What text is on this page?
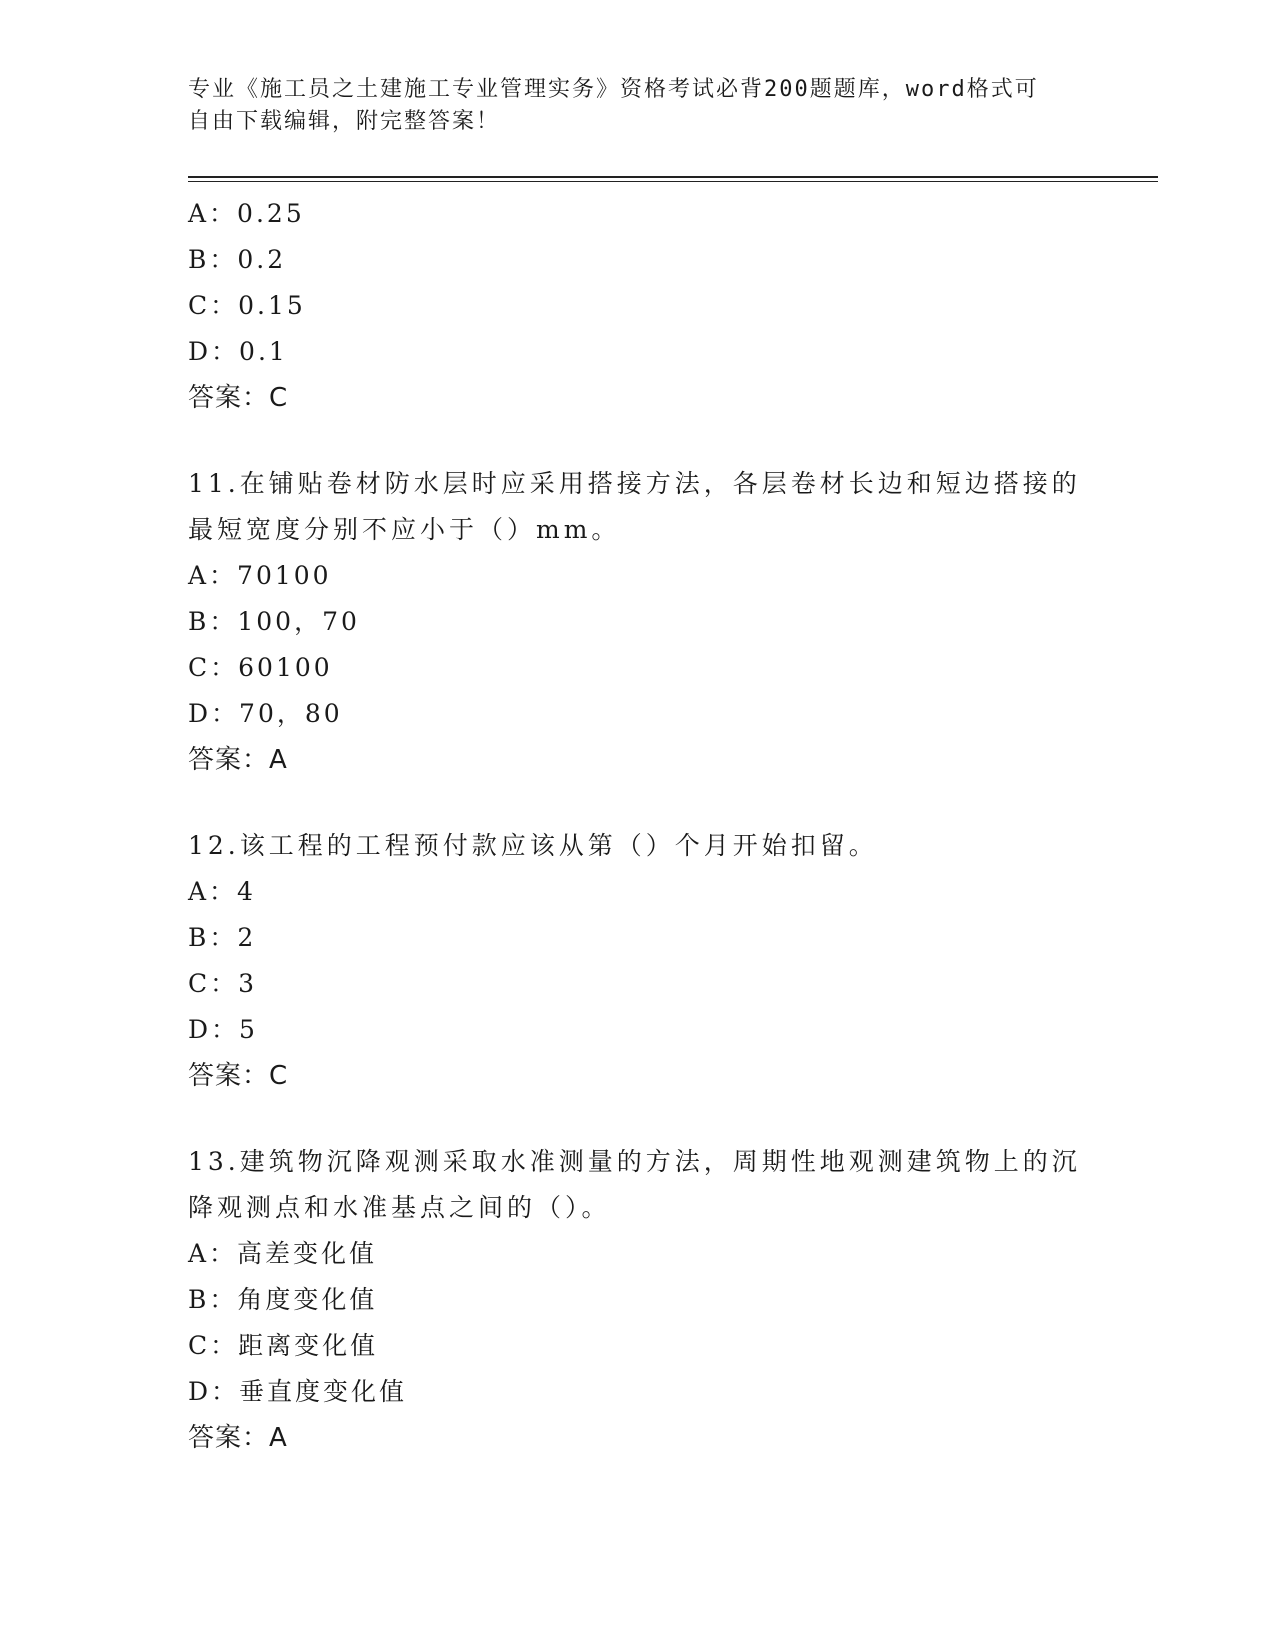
专业《施工员之土建施工专业管理实务》资格考试必背200题题库，word格式可
自由下载编辑，附完整答案！
A：0.25
B：0.2
C：0.15
D：0.1
答案：C
11.在铺贴卷材防水层时应采用搭接方法，各层卷材长边和短边搭接的
最短宽度分别不应小于（）mm。
A：70100
B：100，70
C：60100
D：70，80
答案：A
12.该工程的工程预付款应该从第（）个月开始扣留。
A：4
B：2
C：3
D：5
答案：C
13.建筑物沉降观测采取水准测量的方法，周期性地观测建筑物上的沉
降观测点和水准基点之间的（）。
A：高差变化值
B：角度变化值
C：距离变化值
D：垂直度变化值
答案：A
